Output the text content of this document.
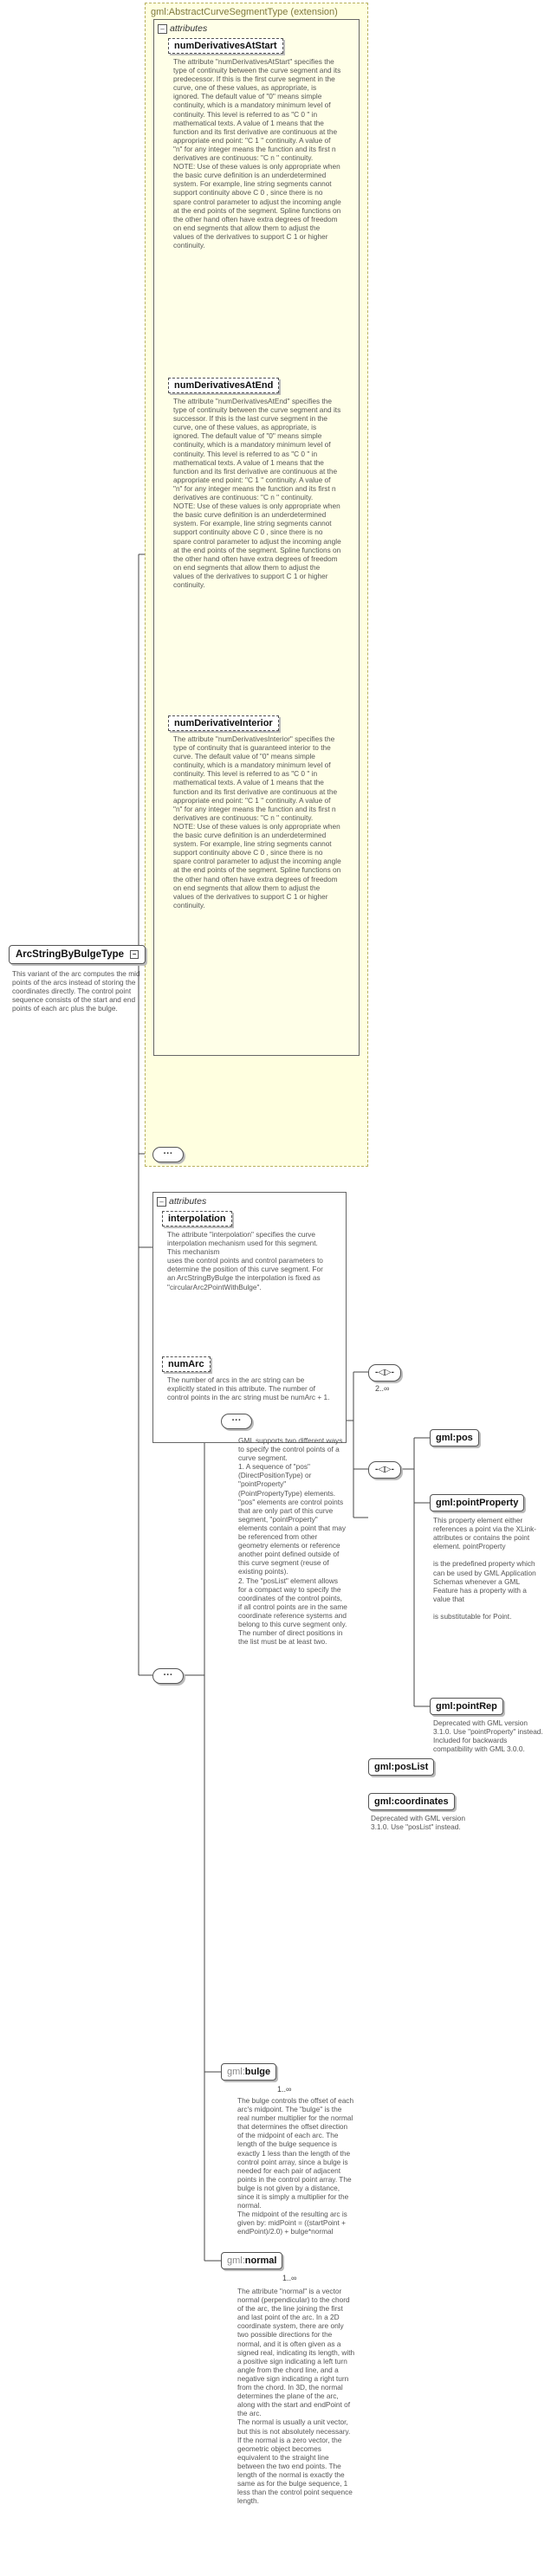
gml:AbstractCurveSegmentType (extension)
– attributes
numDerivativesAtStart
The attribute "numDerivativesAtStart" specifies the type of continuity between the curve segment and its predecessor. If this is the first curve segment in the curve, one of these values, as appropriate, is ignored. The default value of "0" means simple continuity, which is a mandatory minimum level of continuity. This level is referred to as "C 0 " in mathematical texts. A value of 1 means that the function and its first derivative are continuous at the appropriate end point: "C 1 " continuity. A value of "n" for any integer means the function and its first n derivatives are continuous: "C n " continuity.
NOTE: Use of these values is only appropriate when the basic curve definition is an underdetermined system. For example, line string segments cannot support continuity above C 0 , since there is no spare control parameter to adjust the incoming angle at the end points of the segment. Spline functions on the other hand often have extra degrees of freedom on end segments that allow them to adjust the values of the derivatives to support C 1 or higher continuity.
numDerivativesAtEnd
The attribute "numDerivativesAtEnd" specifies the type of continuity between the curve segment and its successor. If this is the last curve segment in the curve, one of these values, as appropriate, is ignored. The default value of "0" means simple continuity, which is a mandatory minimum level of continuity. This level is referred to as "C 0 " in mathematical texts. A value of 1 means that the function and its first derivative are continuous at the appropriate end point: "C 1 " continuity. A value of "n" for any integer means the function and its first n derivatives are continuous: "C n " continuity.
NOTE: Use of these values is only appropriate when the basic curve definition is an underdetermined system. For example, line string segments cannot support continuity above C 0 , since there is no spare control parameter to adjust the incoming angle at the end points of the segment. Spline functions on the other hand often have extra degrees of freedom on end segments that allow them to adjust the values of the derivatives to support C 1 or higher continuity.
numDerivativeInterior
The attribute "numDerivativesInterior" specifies the type of continuity that is guaranteed interior to the curve. The default value of "0" means simple continuity, which is a mandatory minimum level of continuity. This level is referred to as "C 0 " in mathematical texts. A value of 1 means that the function and its first derivative are continuous at the appropriate end point: "C 1 " continuity. A value of "n" for any integer means the function and its first n derivatives are continuous: "C n " continuity.
NOTE: Use of these values is only appropriate when the basic curve definition is an underdetermined system. For example, line string segments cannot support continuity above C 0 , since there is no spare control parameter to adjust the incoming angle at the end points of the segment. Spline functions on the other hand often have extra degrees of freedom on end segments that allow them to adjust the values of the derivatives to support C 1 or higher continuity.
···
ArcStringByBulgeType –
This variant of the arc computes the mid points of the arcs instead of storing the coordinates directly. The control point sequence consists of the start and end points of each arc plus the bulge.
– attributes
interpolation
The attribute "interpolation" specifies the curve interpolation mechanism used for this segment. This mechanism
uses the control points and control parameters to determine the position of this curve segment. For an ArcStringByBulge the interpolation is fixed as "circularArc2PointWithBulge".
numArc
The number of arcs in the arc string can be explicitly stated in this attribute. The number of control points in the arc string must be numArc + 1.
···
···
GML supports two different ways to specify the control points of a curve segment.
1. A sequence of "pos" (DirectPositionType) or "pointProperty" (PointPropertyType) elements. "pos" elements are control points that are only part of this curve segment, "pointProperty" elements contain a point that may be referenced from other geometry elements or reference another point defined outside of this curve segment (reuse of existing points).
2. The "posList" element allows for a compact way to specify the coordinates of the control points, if all control points are in the same coordinate reference systems and belong to this curve segment only. The number of direct positions in the list must be at least two.
-◁▷-
2..∞
-◁▷-
gml:pos
gml:pointProperty
This property element either references a point via the XLink-attributes or contains the point element. pointProperty

is the predefined property which can be used by GML Application Schemas whenever a GML Feature has a property with a value that

is substitutable for Point.
gml:pointRep
Deprecated with GML version 3.1.0. Use "pointProperty" instead. Included for backwards compatibility with GML 3.0.0.
gml:posList
gml:coordinates
Deprecated with GML version 3.1.0. Use "posList" instead.
gml:bulge
1..∞
The bulge controls the offset of each arc's midpoint. The "bulge" is the real number multiplier for the normal that determines the offset direction of the midpoint of each arc. The length of the bulge sequence is exactly 1 less than the length of the control point array, since a bulge is needed for each pair of adjacent points in the control point array. The bulge is not given by a distance, since it is simply a multiplier for the normal.
The midpoint of the resulting arc is given by: midPoint = ((startPoint + endPoint)/2.0) + bulge*normal
gml:normal
1..∞
The attribute "normal" is a vector normal (perpendicular) to the chord of the arc, the line joining the first and last point of the arc. In a 2D coordinate system, there are only two possible directions for the normal, and it is often given as a signed real, indicating its length, with a positive sign indicating a left turn angle from the chord line, and a negative sign indicating a right turn from the chord. In 3D, the normal determines the plane of the arc, along with the start and endPoint of the arc.
The normal is usually a unit vector, but this is not absolutely necessary. If the normal is a zero vector, the geometric object becomes equivalent to the straight line between the two end points. The length of the normal is exactly the same as for the bulge sequence, 1 less than the control point sequence length.
